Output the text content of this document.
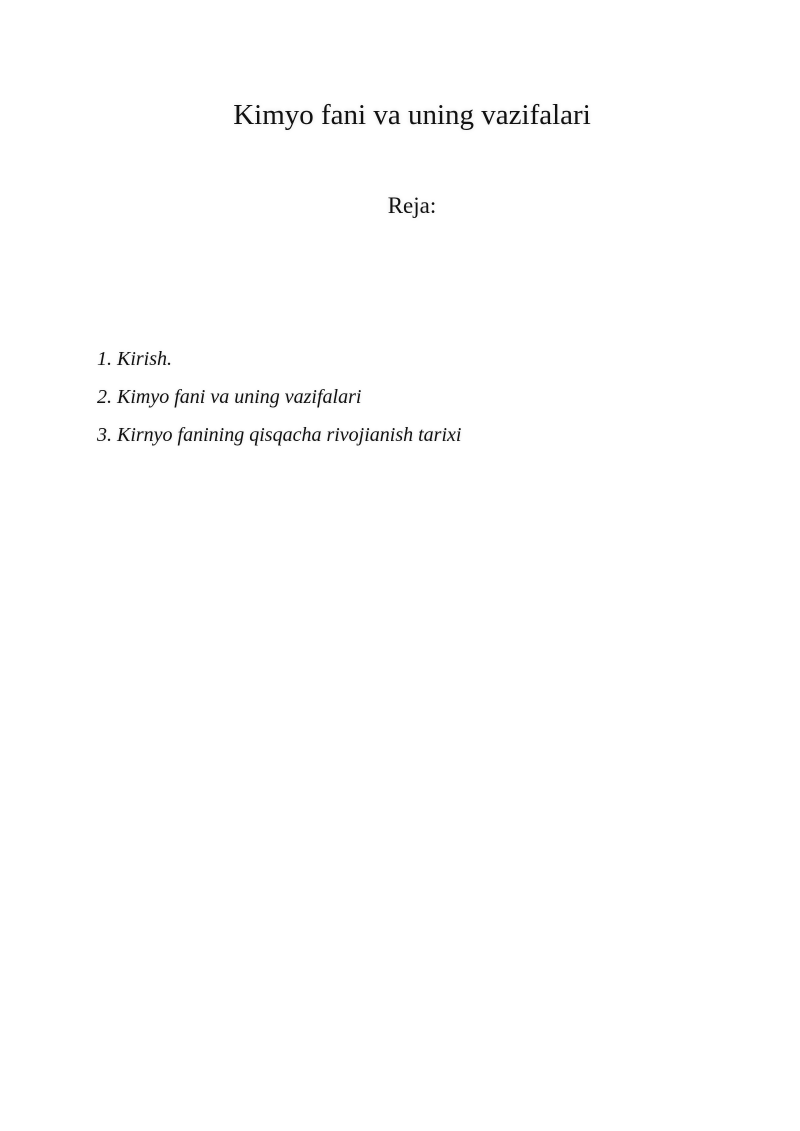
Kimyo fani va uning vazifalari
Reja:
1. Kirish.
2. Kimyo fani va uning vazifalari
3. Kirnyo fanining qisqacha rivojianish tarixi
